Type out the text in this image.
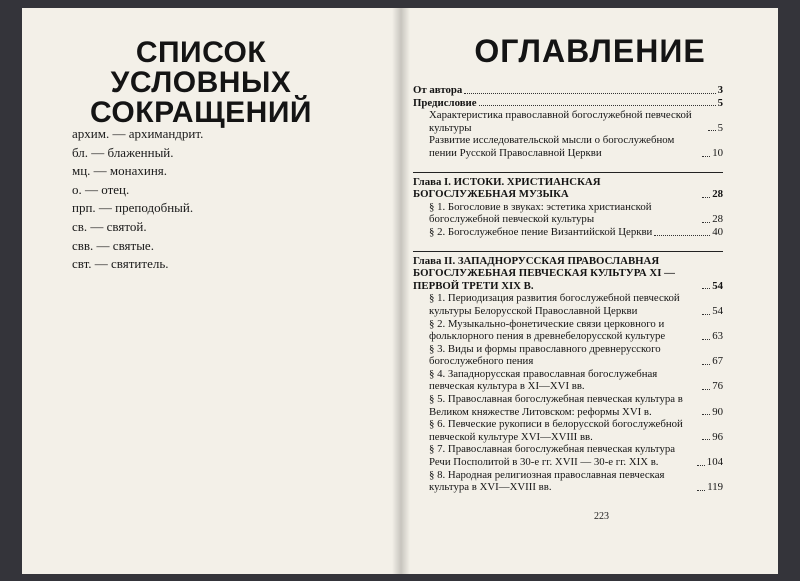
СПИСОК
УСЛОВНЫХ
СОКРАЩЕНИЙ
архим. — архимандрит.
бл. — блаженный.
мц. — монахиня.
о. — отец.
прп. — преподобный.
св. — святой.
свв. — святые.
свт. — святитель.
ОГЛАВЛЕНИЕ
От автора	3
Предисловие	5
Характеристика православной богослужебной певческой культуры	5
Развитие исследовательской мысли о богослужебном пении Русской Православной Церкви	10
Глава I. ИСТОКИ. ХРИСТИАНСКАЯ БОГОСЛУЖЕБНАЯ МУЗЫКА	28
§ 1. Богословие в звуках: эстетика христианской богослужебной певческой культуры	28
§ 2. Богослужебное пение Византийской Церкви	40
Глава II. ЗАПАДНОРУССКАЯ ПРАВОСЛАВНАЯ БОГОСЛУЖЕБНАЯ ПЕВЧЕСКАЯ КУЛЬТУРА XI — ПЕРВОЙ ТРЕТИ XIX В.	54
§ 1. Периодизация развития богослужебной певческой культуры Белорусской Православной Церкви	54
§ 2. Музыкально-фонетические связи церковного и фольклорного пения в древнебелорусской культуре	63
§ 3. Виды и формы православного древнерусского богослужебного пения	67
§ 4. Западнорусская православная богослужебная певческая культура в XI—XVI вв.	76
§ 5. Православная богослужебная певческая культура в Великом княжестве Литовском: реформы XVI в.	90
§ 6. Певческие рукописи в белорусской богослужебной певческой культуре XVI—XVIII вв.	96
§ 7. Православная богослужебная певческая культура Речи Посполитой в 30-е гг. XVII — 30-е гг. XIX в.	104
§ 8. Народная религиозная православная певческая культура в XVI—XVIII вв.	119
223
